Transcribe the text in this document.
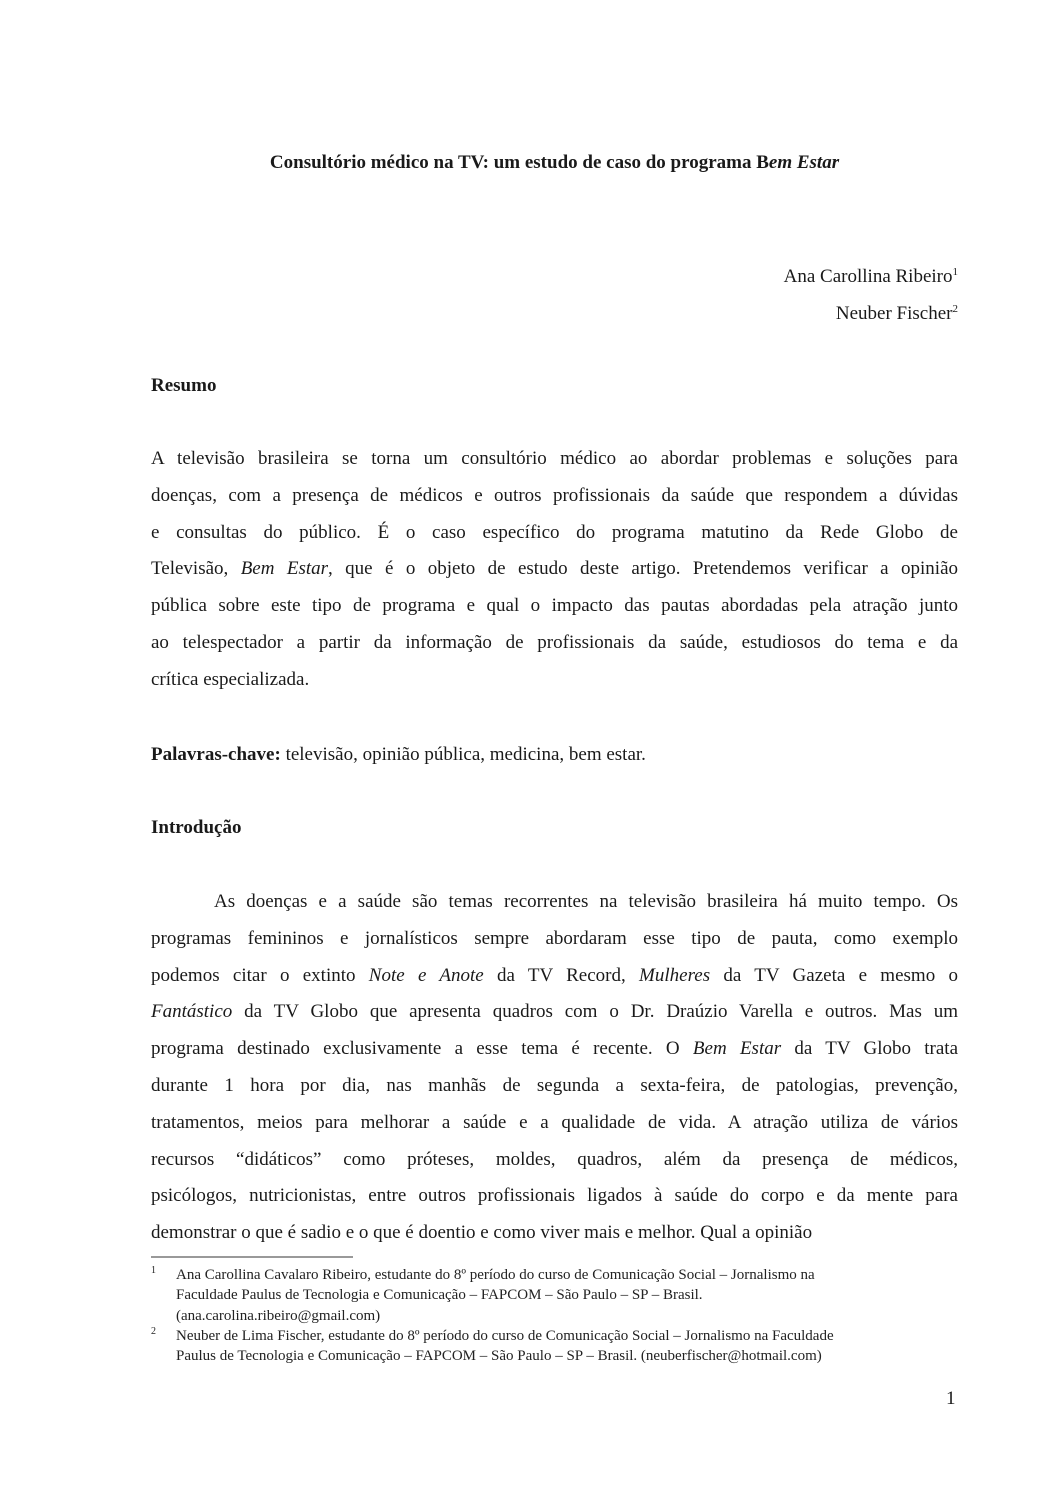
Consultório médico na TV: um estudo de caso do programa Bem Estar
Ana Carollina Ribeiro$^1$
Neuber Fischer$^2$
Resumo
A televisão brasileira se torna um consultório médico ao abordar problemas e soluções para
doenças, com a presença de médicos e outros profissionais da saúde que respondem a dúvidas
e consultas do público. É o caso específico do programa matutino da Rede Globo de
Televisão, Bem Estar, que é o objeto de estudo deste artigo. Pretendemos verificar a opinião
pública sobre este tipo de programa e qual o impacto das pautas abordadas pela atração junto
ao telespectador a partir da informação de profissionais da saúde, estudiosos do tema e da
crítica especializada.
Palavras-chave: televisão, opinião pública, medicina, bem estar.
Introdução
As doenças e a saúde são temas recorrentes na televisão brasileira há muito tempo. Os
programas femininos e jornalísticos sempre abordaram esse tipo de pauta, como exemplo
podemos citar o extinto Note e Anote da TV Record, Mulheres da TV Gazeta e mesmo o
Fantástico da TV Globo que apresenta quadros com o Dr. Draúzio Varella e outros. Mas um
programa destinado exclusivamente a esse tema é recente. O Bem Estar da TV Globo trata
durante 1 hora por dia, nas manhãs de segunda a sexta-feira, de patologias, prevenção,
tratamentos, meios para melhorar a saúde e a qualidade de vida. A atração utiliza de vários
recursos “didáticos” como próteses, moldes, quadros, além da presença de médicos,
psicólogos, nutricionistas, entre outros profissionais ligados à saúde do corpo e da mente para
demonstrar o que é sadio e o que é doentio e como viver mais e melhor. Qual a opinião
1 Ana Carollina Cavalaro Ribeiro, estudante do 8º período do curso de Comunicação Social – Jornalismo na
Faculdade Paulus de Tecnologia e Comunicação – FAPCOM – São Paulo – SP – Brasil.
(ana.carolina.ribeiro@gmail.com)
2 Neuber de Lima Fischer, estudante do 8º período do curso de Comunicação Social – Jornalismo na Faculdade
Paulus de Tecnologia e Comunicação – FAPCOM – São Paulo – SP – Brasil. (neuberfischer@hotmail.com)
1
